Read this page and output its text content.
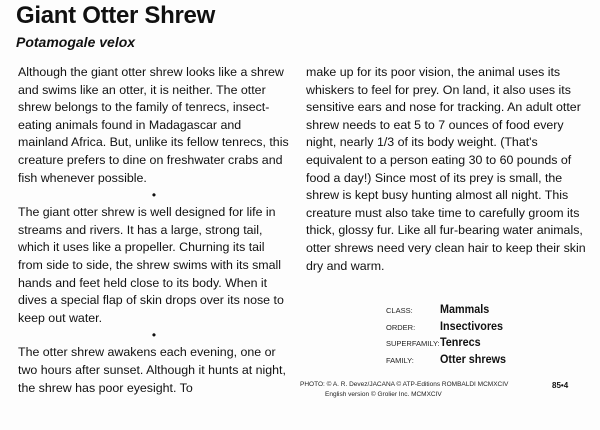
Giant Otter Shrew
Potamogale velox

Although the giant otter shrew looks like a shrew and swims like an otter, it is neither. The otter shrew belongs to the family of tenrecs, insect-eating animals found in Madagascar and mainland Africa. But, unlike its fellow tenrecs, this creature prefers to dine on freshwater crabs and fish whenever possible.

•

The giant otter shrew is well designed for life in streams and rivers. It has a large, strong tail, which it uses like a propeller. Churning its tail from side to side, the shrew swims with its small hands and feet held close to its body. When it dives a special flap of skin drops over its nose to keep out water.

•

The otter shrew awakens each evening, one or two hours after sunset. Although it hunts at night, the shrew has poor eyesight. To

make up for its poor vision, the animal uses its whiskers to feel for prey. On land, it also uses its sensitive ears and nose for tracking. An adult otter shrew needs to eat 5 to 7 ounces of food every night, nearly 1/3 of its body weight. (That's equivalent to a person eating 30 to 60 pounds of food a day!) Since most of its prey is small, the shrew is kept busy hunting almost all night. This creature must also take time to carefully groom its thick, glossy fur. Like all fur-bearing water animals, otter shrews need very clean hair to keep their skin dry and warm.

CLASS:	Mammals
ORDER:	Insectivores
SUPERFAMILY:	Tenrecs
FAMILY:	Otter shrews
PHOTO: © A. R. Devez/JACANA © ATP-Editions ROMBALDI MCMXCIV
English version © Grolier Inc. MCMXCIV
85•4
